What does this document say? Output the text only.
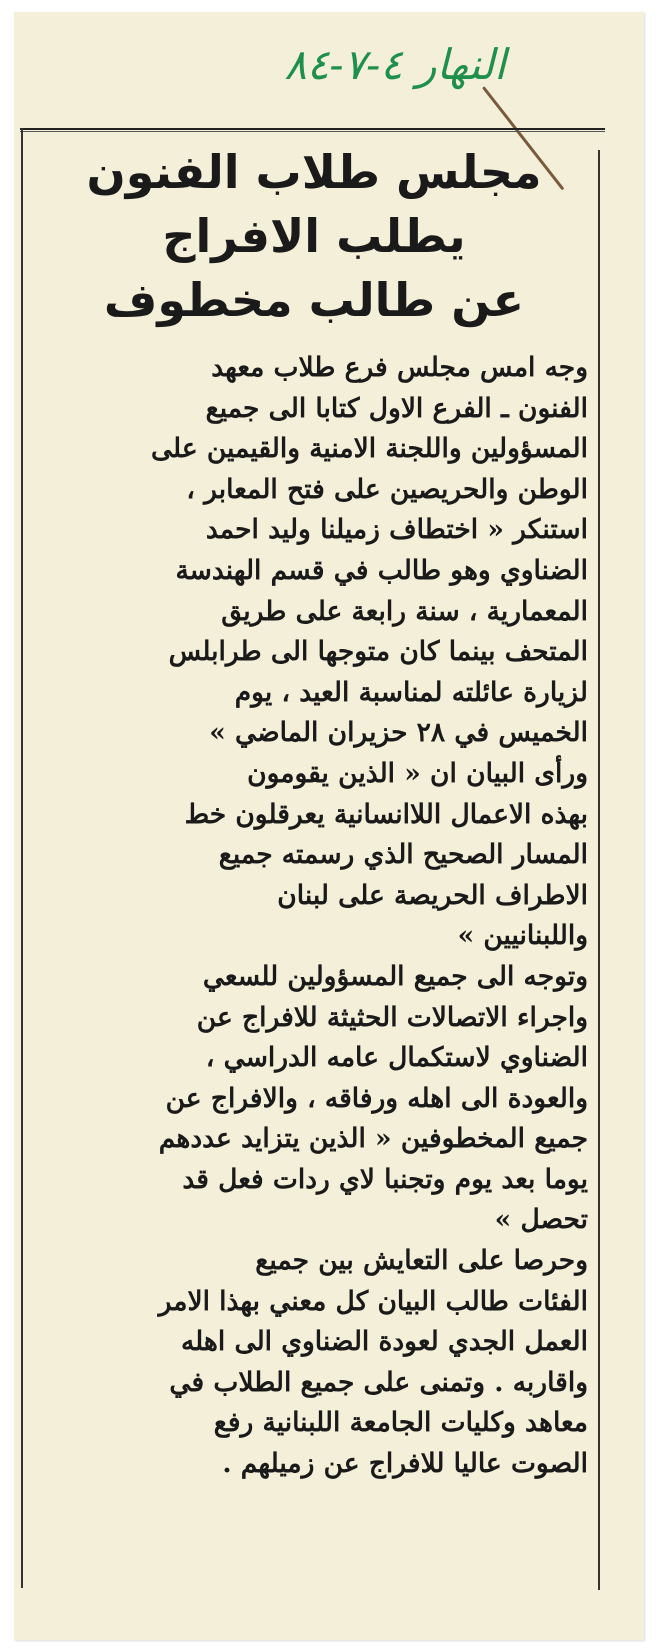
النهار ٤-٧-٨٤
مجلس طلاب الفنون
يطلب الافراج
عن طالب مخطوف
وجه امس مجلس فرع طلاب معهد
الفنون ـ الفرع الاول كتابا الى جميع
المسؤولين واللجنة الامنية والقيمين على
الوطن والحريصين على فتح المعابر ،
استنكر « اختطاف زميلنا وليد احمد
الضناوي وهو طالب في قسم الهندسة
المعمارية ، سنة رابعة على طريق
المتحف بينما كان متوجها الى طرابلس
لزيارة عائلته لمناسبة العيد ، يوم
الخميس في ٢٨ حزيران الماضي »
ورأى البيان ان « الذين يقومون
بهذه الاعمال اللاانسانية يعرقلون خط
المسار الصحيح الذي رسمته جميع
الاطراف الحريصة على لبنان
واللبنانيين »
وتوجه الى جميع المسؤولين للسعي
واجراء الاتصالات الحثيثة للافراج عن
الضناوي لاستكمال عامه الدراسي ،
والعودة الى اهله ورفاقه ، والافراج عن
جميع المخطوفين « الذين يتزايد عددهم
يوما بعد يوم وتجنبا لاي ردات فعل قد
تحصل »
وحرصا على التعايش بين جميع
الفئات طالب البيان كل معني بهذا الامر
العمل الجدي لعودة الضناوي الى اهله
واقاربه . وتمنى على جميع الطلاب في
معاهد وكليات الجامعة اللبنانية رفع
الصوت عاليا للافراج عن زميلهم .
